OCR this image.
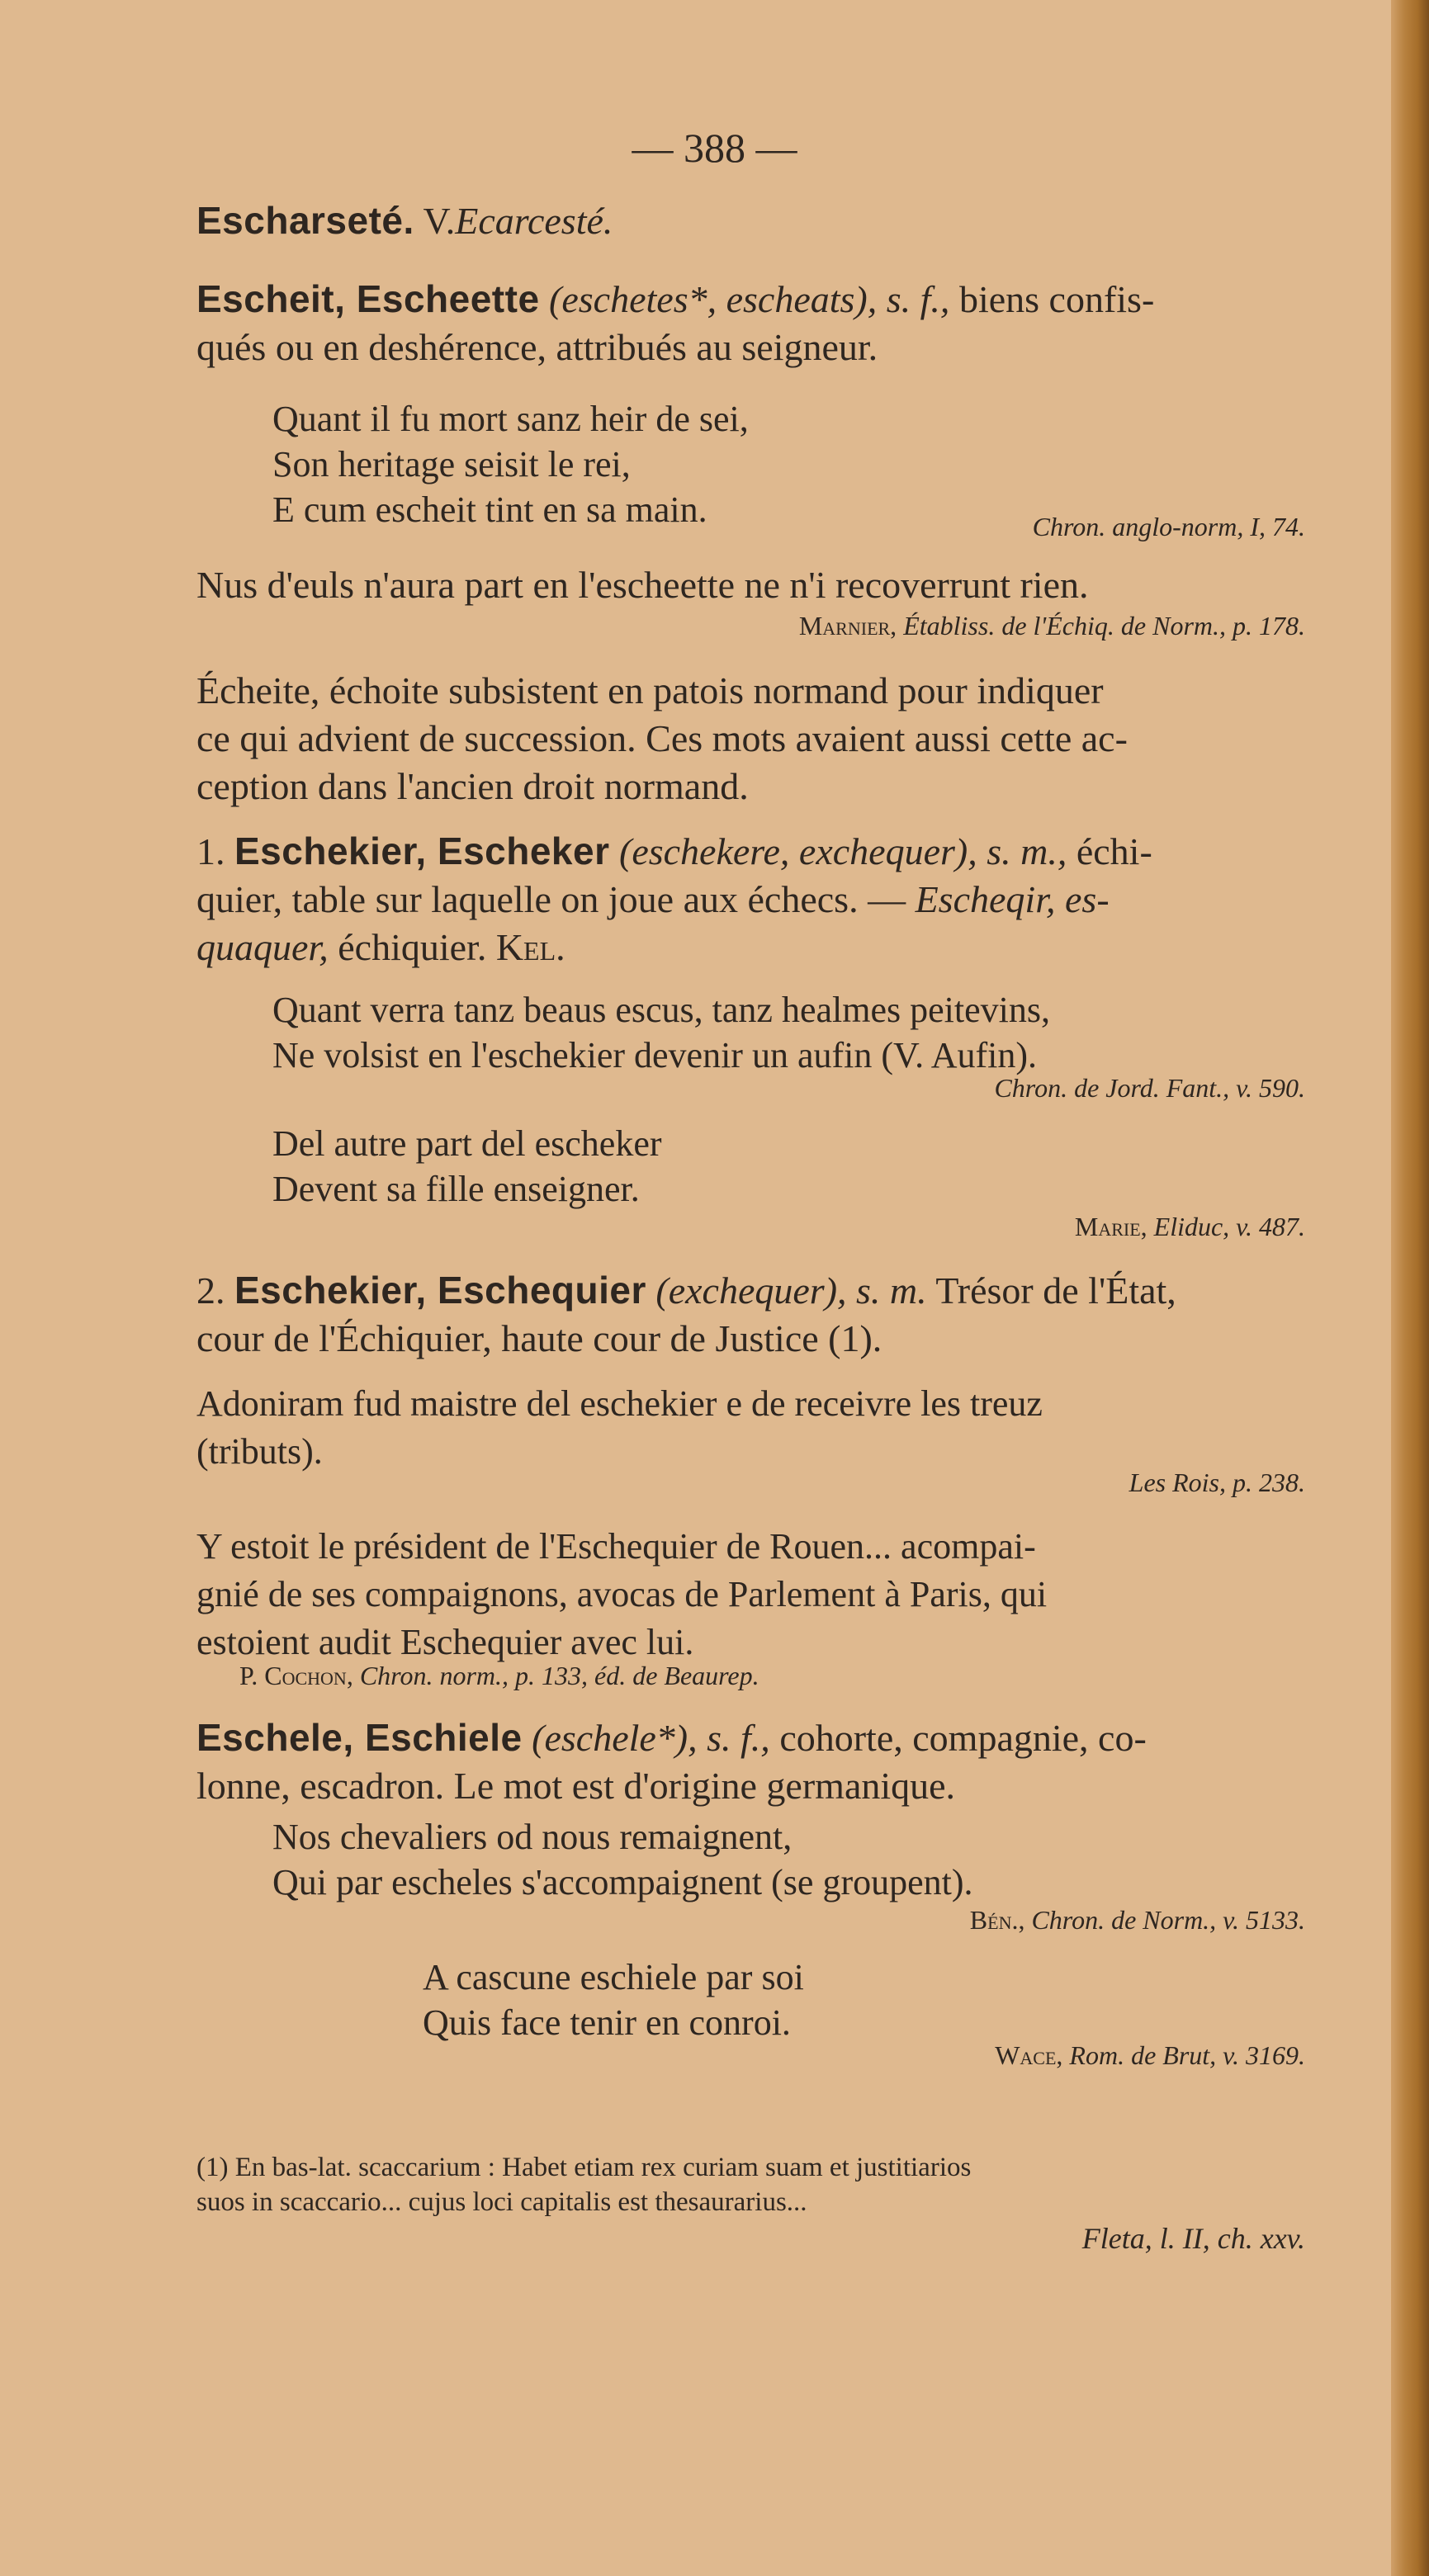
— 388 —

Escharseté. V.Ecarcesté.

Escheit, Escheette (eschetes*, escheats), s. f., biens confis-

qués ou en deshérence, attribués au seigneur.

Quant il fu mort sanz heir de sei,
Son heritage seisit le rei,
E cum escheit tint en sa main.	Chron. anglo-norm, I, 74.

Nus d'euls n'aura part en l'escheette ne n'i recoverrunt rien.

Marnier, Établiss. de l'Échiq. de Norm., p. 178.

Écheite, échoite subsistent en patois normand pour indiquer

ce qui advient de succession. Ces mots avaient aussi cette ac-

ception dans l'ancien droit normand.

1. Eschekier, Escheker (eschekere, exchequer), s. m., échi-

quier, table sur laquelle on joue aux échecs. — Escheqir, es-

quaquer, échiquier. Kel.

Quant verra tanz beaus escus, tanz healmes peitevins,
Ne volsist en l'eschekier devenir un aufin (V. Aufin).
Chron. de Jord. Fant., v. 590.
Del autre part del escheker
Devent sa fille enseigner.
Marie, Eliduc, v. 487.

2. Eschekier, Eschequier (exchequer), s. m. Trésor de l'État,

cour de l'Échiquier, haute cour de Justice (1).

Adoniram fud maistre del eschekier e de receivre les treuz

(tributs).

Les Rois, p. 238.

Y estoit le président de l'Eschequier de Rouen... acompai-

gnié de ses compaignons, avocas de Parlement à Paris, qui

estoient audit Eschequier avec lui.

P. Cochon, Chron. norm., p. 133, éd. de Beaurep.

Eschele, Eschiele (eschele*), s. f., cohorte, compagnie, co-

lonne, escadron. Le mot est d'origine germanique.

Nos chevaliers od nous remaignent,
Qui par escheles s'accompaignent (se groupent).
Bén., Chron. de Norm., v. 5133.
A cascune eschiele par soi
Quis face tenir en conroi.
Wace, Rom. de Brut, v. 3169.
(1) En bas-lat. scaccarium : Habet etiam rex curiam suam et justitiarios
suos in scaccario... cujus loci capitalis est thesaurarius...
Fleta, l. II, ch. xxv.
